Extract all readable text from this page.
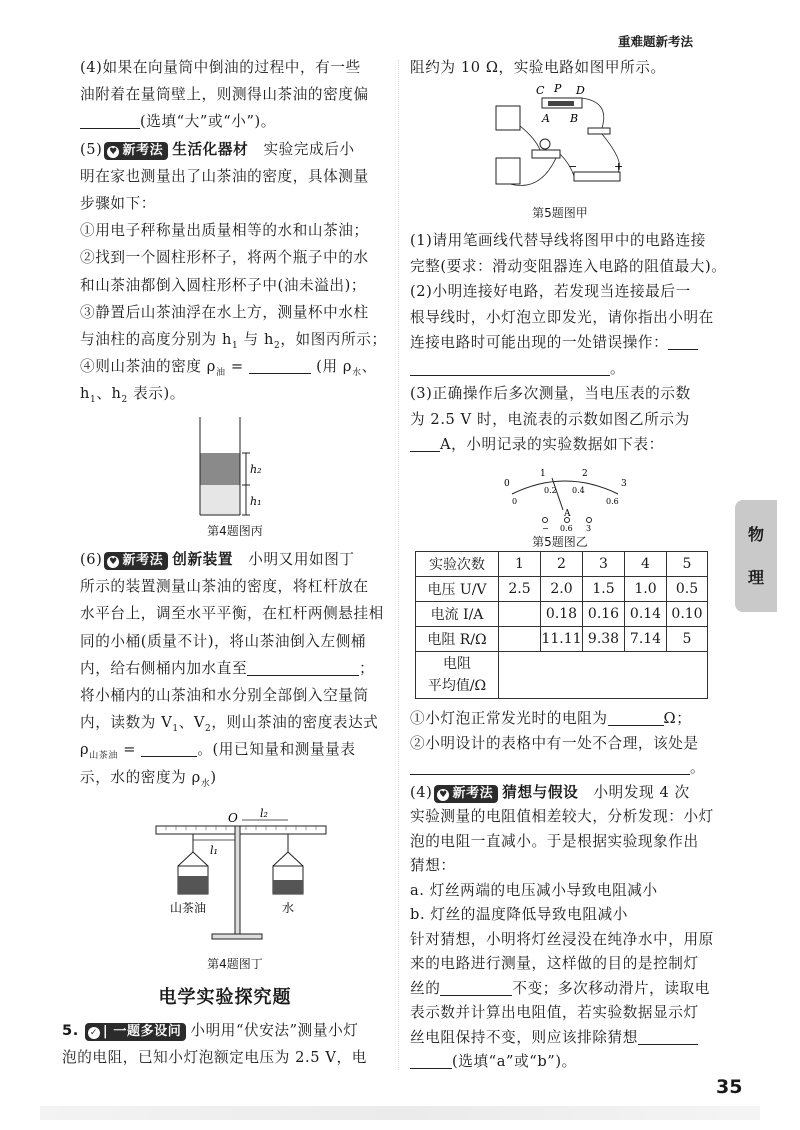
重难题新考法
(4)如果在向量筒中倒油的过程中，有一些
油附着在量筒壁上，则测得山茶油的密度偏
(选填“大”或“小”)。
(5) ♥ 新考法 生活化器材　实验完成后小
明在家也测量出了山茶油的密度，具体测量
步骤如下：
①用电子秤称量出质量相等的水和山茶油；
②找到一个圆柱形杯子，将两个瓶子中的水
和山茶油都倒入圆柱形杯子中(油未溢出)；
③静置后山茶油浮在水上方，测量杯中水柱
与油柱的高度分别为 $h_1$ 与 $h_2$，如图丙所示；
④则山茶油的密度 $\rho_油$ =	(用 $\rho_水$、
$h_1$、$h_2$ 表示)。
h₂
h₁
第4题图丙
(6) ♥ 新考法 创新装置　小明又用如图丁
所示的装置测量山茶油的密度，将杠杆放在
水平台上，调至水平平衡，在杠杆两侧悬挂相
同的小桶(质量不计)，将山茶油倒入左侧桶
内，给右侧桶内加水直至	；
将小桶内的山茶油和水分别全部倒入空量筒
内，读数为 $V_1$、$V_2$，则山茶油的密度表达式
$\rho_{山茶油}$ =	。(用已知量和测量量表
示，水的密度为 $\rho_水$)
O l₂
l₁
山茶油	水
第4题图丁
电学实验探究题
5. ✓ | 一题多设问 小明用“伏安法”测量小灯
泡的电阻，已知小灯泡额定电压为 2.5 V，电
阻约为 10 Ω，实验电路如图甲所示。
C P D
A B
−	+
第5题图甲
(1)请用笔画线代替导线将图甲中的电路连接
完整(要求：滑动变阻器连入电路的阻值最大)。
(2)小明连接好电路，若发现当连接最后一
根导线时，小灯泡立即发光，请你指出小明在
连接电路时可能出现的一处错误操作：
。
(3)正确操作后多次测量，当电压表的示数
为 2.5 V 时，电流表的示数如图乙所示为
A，小明记录的实验数据如下表：
0
1	2
3
0
0.2 0.4
0.6
A
− 0.6 3
第5题图乙
实验次数	1	2	3	4	5
电压 U/V	2.5	2.0	1.5	1.0	0.5
电流 I/A		0.18	0.16	0.14	0.10
电阻 R/Ω		11.11	9.38	7.14	5
电阻
平均值/Ω					
①小灯泡正常发光时的电阻为	Ω；
②小明设计的表格中有一处不合理，该处是
。
(4) ♥ 新考法 猜想与假设　小明发现 4 次
实验测量的电阻值相差较大，分析发现：小灯
泡的电阻一直减小。于是根据实验现象作出
猜想：
a. 灯丝两端的电压减小导致电阻减小
b. 灯丝的温度降低导致电阻减小
针对猜想，小明将灯丝浸没在纯净水中，用原
来的电路进行测量，这样做的目的是控制灯
丝的	不变；多次移动滑片，读取电
表示数并计算出电阻值，若实验数据显示灯
丝电阻保持不变，则应该排除猜想
(选填“a”或“b”)。
物
理
35
